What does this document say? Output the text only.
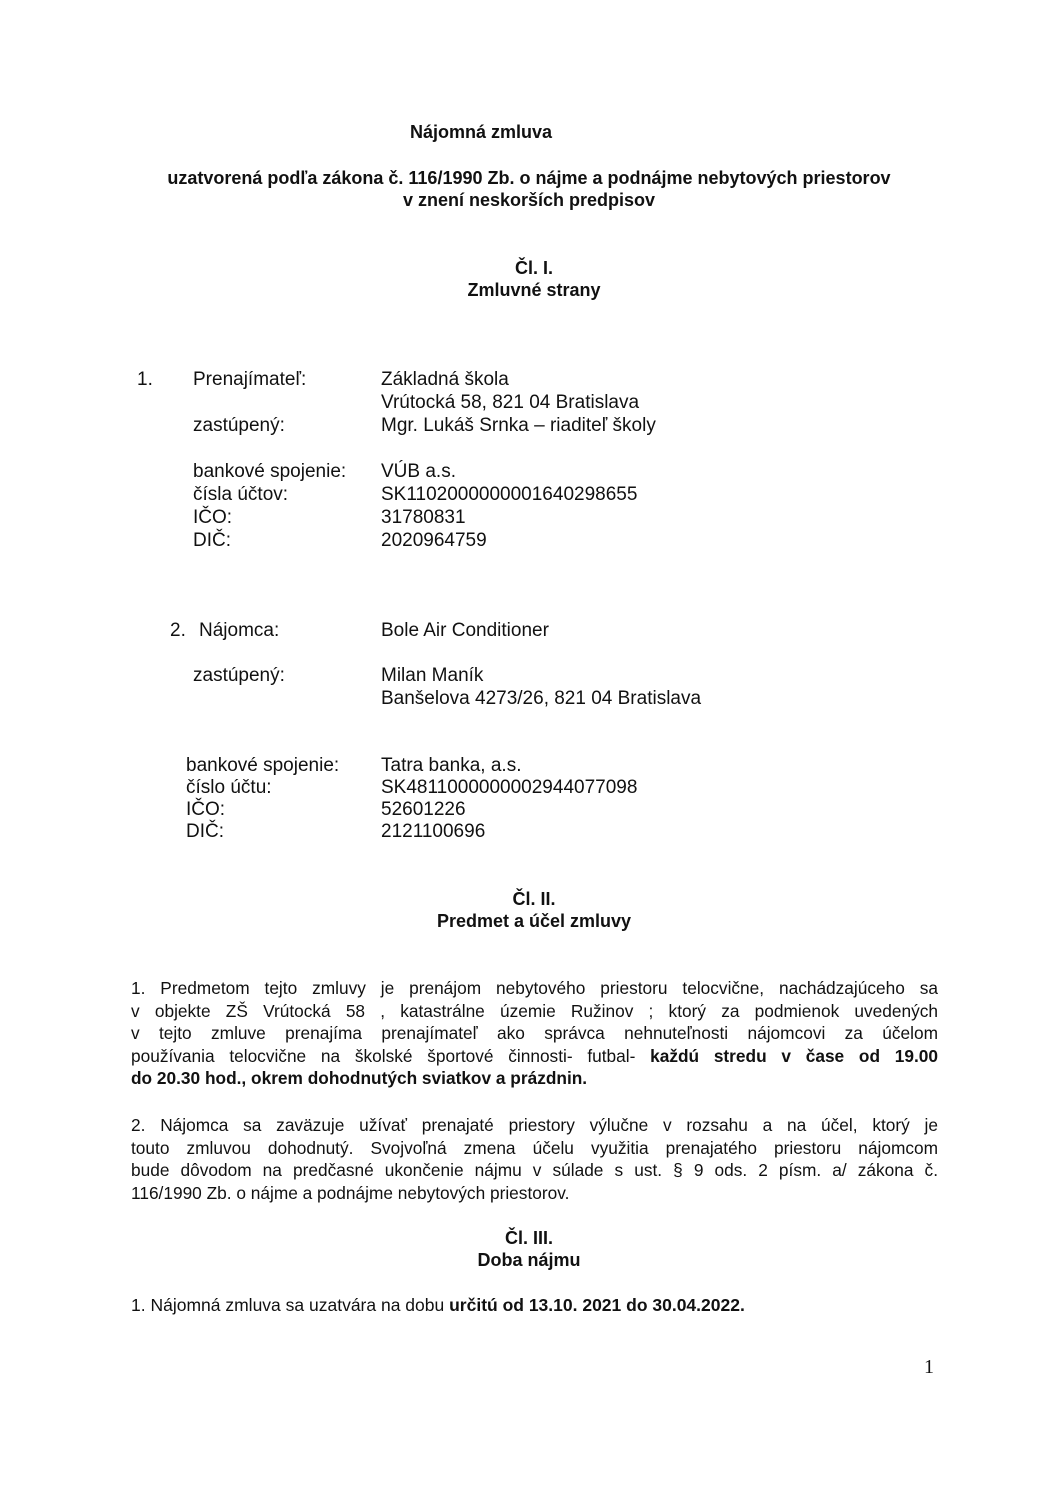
Nájomná zmluva
uzatvorená podľa zákona č. 116/1990 Zb. o nájme a podnájme nebytových priestorov
v znení neskorších predpisov
Čl. I.
Zmluvné strany
1. Prenajímateľ:	Základná škola
Vrútocká 58, 821 04 Bratislava
zastúpený:	Mgr. Lukáš Srnka – riaditeľ školy
bankové spojenie: VÚB a.s.
čísla účtov:	SK1102000000001640298655
IČO:	31780831
DIČ:	2020964759
2. Nájomca:	Bole Air Conditioner
zastúpený:	Milan Maník
Banšelova 4273/26, 821 04 Bratislava
bankové spojenie: Tatra banka, a.s.
číslo účtu:	SK4811000000002944077098
IČO:	52601226
DIČ:	2121100696
Čl. II.
Predmet a účel zmluvy
1. Predmetom tejto zmluvy je prenájom nebytového priestoru telocvične, nachádzajúceho sa
v objekte ZŠ Vrútocká 58 , katastrálne územie Ružinov ; ktorý za podmienok uvedených
v tejto zmluve prenajíma prenajímateľ ako správca nehnuteľnosti nájomcovi za účelom
používania telocvične na školské športové činnosti- futbal- každú stredu v čase od 19.00
do 20.30 hod., okrem dohodnutých sviatkov a prázdnin.
2. Nájomca sa zaväzuje užívať prenajaté priestory výlučne v rozsahu a na účel, ktorý je
touto zmluvou dohodnutý. Svojvoľná zmena účelu využitia prenajatého priestoru nájomcom
bude dôvodom na predčasné ukončenie nájmu v súlade s ust. § 9 ods. 2 písm. a/ zákona č.
116/1990 Zb. o nájme a podnájme nebytových priestorov.
Čl. III.
Doba nájmu
1. Nájomná zmluva sa uzatvára na dobu určitú od 13.10. 2021 do 30.04.2022.
1
